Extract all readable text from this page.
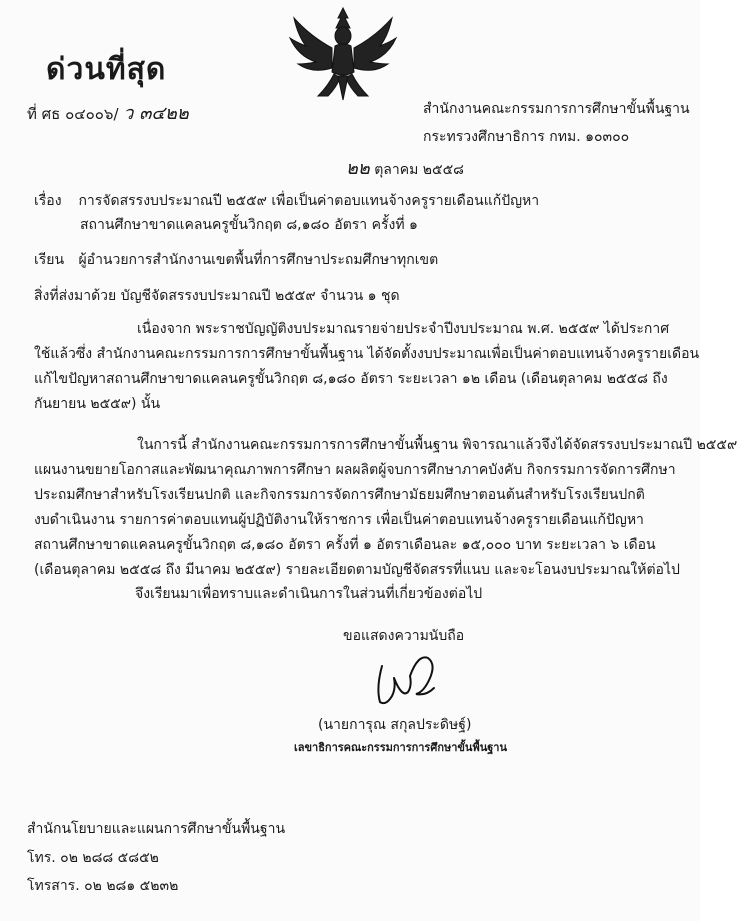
ด่วนที่สุด
ที่ ศธ ๐๔๐๐๖/ ว ๓๔๒๒	สำนักงานคณะกรรมการการศึกษาขั้นพื้นฐาน
กระทรวงศึกษาธิการ กทม. ๑๐๓๐๐
๒๒ ตุลาคม ๒๕๕๘
เรื่อง การจัดสรรงบประมาณปี ๒๕๕๙ เพื่อเป็นค่าตอบแทนจ้างครูรายเดือนแก้ปัญหา
สถานศึกษาขาดแคลนครูขั้นวิกฤต ๘,๑๘๐ อัตรา ครั้งที่ ๑
เรียน ผู้อำนวยการสำนักงานเขตพื้นที่การศึกษาประถมศึกษาทุกเขต
สิ่งที่ส่งมาด้วย บัญชีจัดสรรงบประมาณปี ๒๕๕๙ จำนวน ๑ ชุด
เนื่องจาก พระราชบัญญัติงบประมาณรายจ่ายประจำปีงบประมาณ พ.ศ. ๒๕๕๙ ได้ประกาศ
ใช้แล้วซึ่ง สำนักงานคณะกรรมการการศึกษาขั้นพื้นฐาน ได้จัดตั้งงบประมาณเพื่อเป็นค่าตอบแทนจ้างครูรายเดือน
แก้ไขปัญหาสถานศึกษาขาดแคลนครูขั้นวิกฤต ๘,๑๘๐ อัตรา ระยะเวลา ๑๒ เดือน (เดือนตุลาคม ๒๕๕๘ ถึง
กันยายน ๒๕๕๙) นั้น
ในการนี้ สำนักงานคณะกรรมการการศึกษาขั้นพื้นฐาน พิจารณาแล้วจึงได้จัดสรรงบประมาณปี ๒๕๕๙
แผนงานขยายโอกาสและพัฒนาคุณภาพการศึกษา ผลผลิตผู้จบการศึกษาภาคบังคับ กิจกรรมการจัดการศึกษา
ประถมศึกษาสำหรับโรงเรียนปกติ และกิจกรรมการจัดการศึกษามัธยมศึกษาตอนต้นสำหรับโรงเรียนปกติ
งบดำเนินงาน รายการค่าตอบแทนผู้ปฏิบัติงานให้ราชการ เพื่อเป็นค่าตอบแทนจ้างครูรายเดือนแก้ปัญหา
สถานศึกษาขาดแคลนครูขั้นวิกฤต ๘,๑๘๐ อัตรา ครั้งที่ ๑ อัตราเดือนละ ๑๕,๐๐๐ บาท ระยะเวลา ๖ เดือน
(เดือนตุลาคม ๒๕๕๘ ถึง มีนาคม ๒๕๕๙) รายละเอียดตามบัญชีจัดสรรที่แนบ และจะโอนงบประมาณให้ต่อไป
จึงเรียนมาเพื่อทราบและดำเนินการในส่วนที่เกี่ยวข้องต่อไป
ขอแสดงความนับถือ
(นายการุณ สกุลประดิษฐ์)
เลขาธิการคณะกรรมการการศึกษาขั้นพื้นฐาน
สำนักนโยบายและแผนการศึกษาขั้นพื้นฐาน
โทร. ๐๒ ๒๘๘ ๕๘๕๒
โทรสาร. ๐๒ ๒๘๑ ๕๒๓๒
